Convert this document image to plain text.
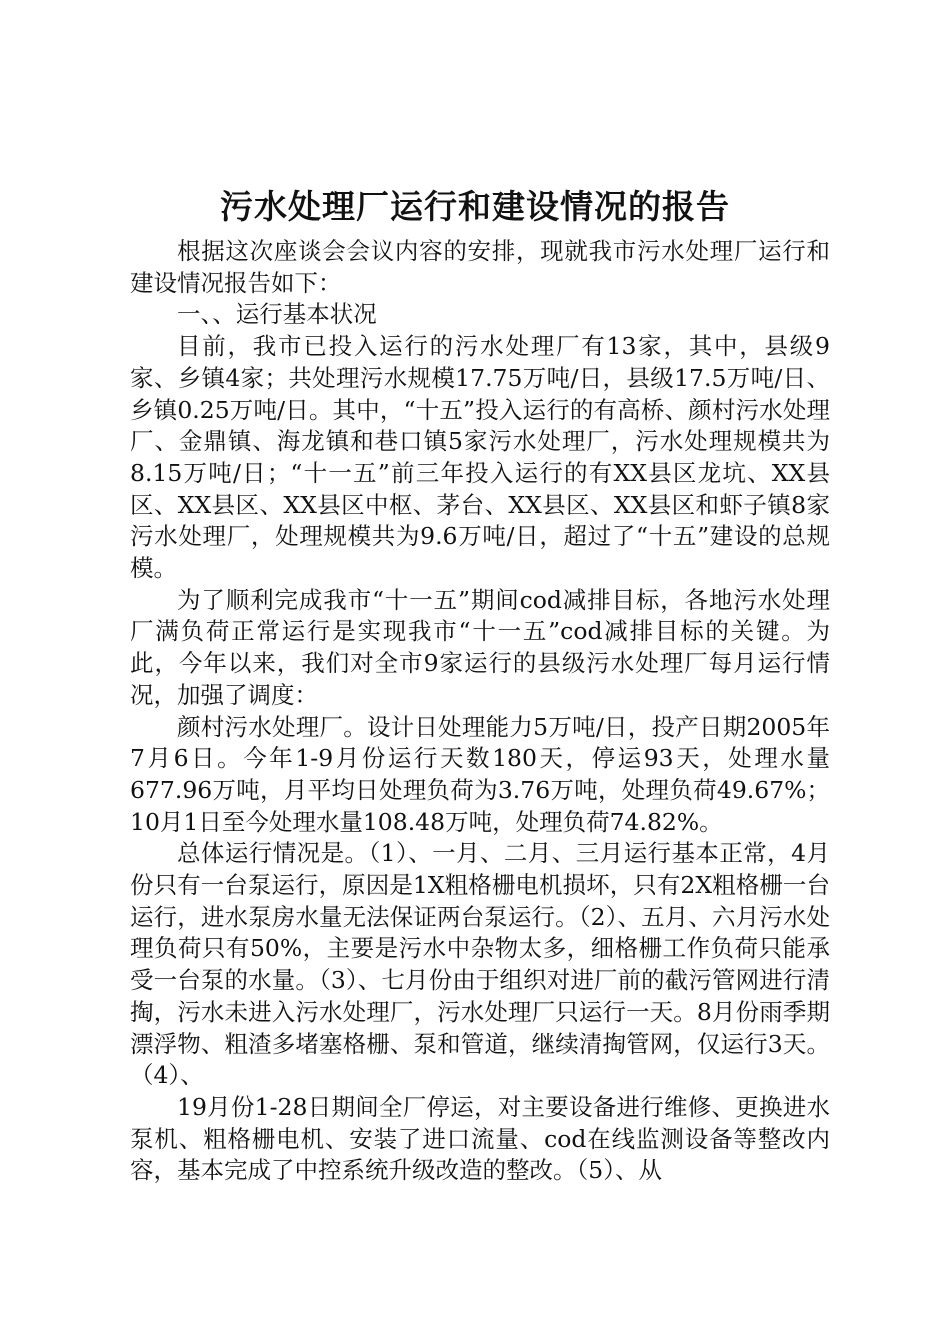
污水处理厂运行和建设情况的报告

根据这次座谈会会议内容的安排，现就我市污水处理厂运行和建设情况报告如下：

一、、运行基本状况

目前，我市已投入运行的污水处理厂有13家，其中，县级9家、乡镇4家；共处理污水规模17.75万吨/日，县级17.5万吨/日、乡镇0.25万吨/日。其中，“十五”投入运行的有高桥、颜村污水处理厂、金鼎镇、海龙镇和巷口镇5家污水处理厂，污水处理规模共为8.15万吨/日；“十一五”前三年投入运行的有XX县区龙坑、XX县区、XX县区、XX县区中枢、茅台、XX县区、XX县区和虾子镇8家污水处理厂，处理规模共为9.6万吨/日，超过了“十五”建设的总规模。

为了顺利完成我市“十一五”期间cod减排目标，各地污水处理厂满负荷正常运行是实现我市“十一五”cod减排目标的关键。为此，今年以来，我们对全市9家运行的县级污水处理厂每月运行情况，加强了调度：

颜村污水处理厂。设计日处理能力5万吨/日，投产日期2005年7月6日。今年1-9月份运行天数180天，停运93天，处理水量677.96万吨，月平均日处理负荷为3.76万吨，处理负荷49.67%；10月1日至今处理水量108.48万吨，处理负荷74.82%。

总体运行情况是。（1）、一月、二月、三月运行基本正常，4月份只有一台泵运行，原因是1X粗格栅电机损坏，只有2X粗格栅一台运行，进水泵房水量无法保证两台泵运行。（2）、五月、六月污水处理负荷只有50%，主要是污水中杂物太多，细格栅工作负荷只能承受一台泵的水量。（3）、七月份由于组织对进厂前的截污管网进行清掏，污水未进入污水处理厂，污水处理厂只运行一天。8月份雨季期漂浮物、粗渣多堵塞格栅、泵和管道，继续清掏管网，仅运行3天。（4）、

19月份1-28日期间全厂停运，对主要设备进行维修、更换进水泵机、粗格栅电机、安装了进口流量、cod在线监测设备等整改内容，基本完成了中控系统升级改造的整改。（5）、从
